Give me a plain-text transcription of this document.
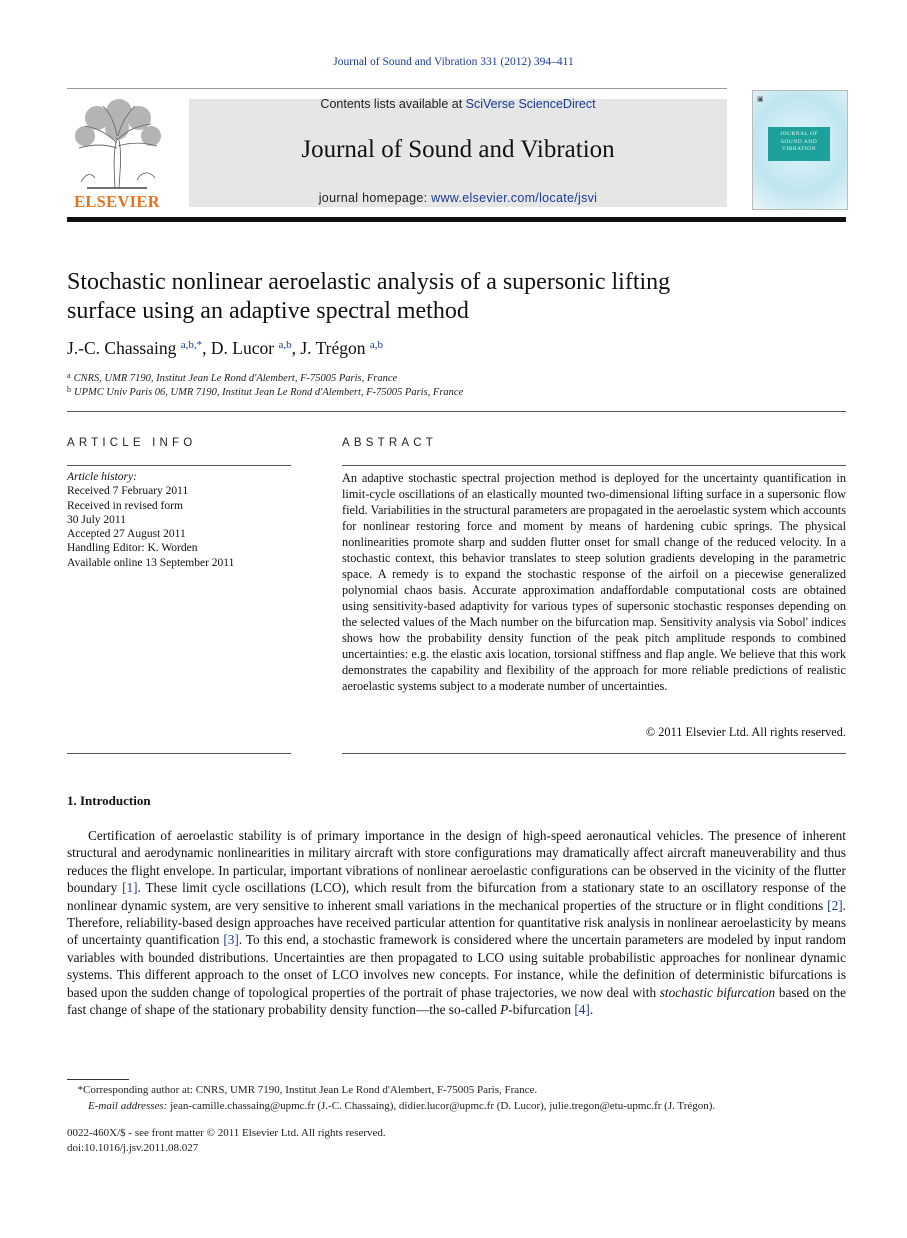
Journal of Sound and Vibration 331 (2012) 394–411
ELSEVIER
Contents lists available at SciVerse ScienceDirect
Journal of Sound and Vibration
journal homepage: www.elsevier.com/locate/jsvi
▣
JOURNAL OF SOUND AND VIBRATION
Stochastic nonlinear aeroelastic analysis of a supersonic lifting
surface using an adaptive spectral method
J.-C. Chassaing $^{a,b,*}$, D. Lucor $^{a,b}$, J. Trégon $^{a,b}$
$^a$ CNRS, UMR 7190, Institut Jean Le Rond d'Alembert, F-75005 Paris, France
$^b$ UPMC Univ Paris 06, UMR 7190, Institut Jean Le Rond d'Alembert, F-75005 Paris, France
ARTICLE INFO
Article history:
Received 7 February 2011
Received in revised form
30 July 2011
Accepted 27 August 2011
Handling Editor: K. Worden
Available online 13 September 2011
ABSTRACT
An adaptive stochastic spectral projection method is deployed for the uncertainty quantification in limit-cycle oscillations of an elastically mounted two-dimensional lifting surface in a supersonic flow field. Variabilities in the structural parameters are propagated in the aeroelastic system which accounts for nonlinear restoring force and moment by means of hardening cubic springs. The physical nonlinearities promote sharp and sudden flutter onset for small change of the reduced velocity. In a stochastic context, this behavior translates to steep solution gradients developing in the parametric space. A remedy is to expand the stochastic response of the airfoil on a piecewise generalized polynomial chaos basis. Accurate approximation andaffordable computational costs are obtained using sensitivity-based adaptivity for various types of supersonic stochastic responses depending on the selected values of the Mach number on the bifurcation map. Sensitivity analysis via Sobol' indices shows how the probability density function of the peak pitch amplitude responds to combined uncertainties: e.g. the elastic axis location, torsional stiffness and flap angle. We believe that this work demonstrates the capability and flexibility of the approach for more reliable predictions of realistic aeroelastic systems subject to a moderate number of uncertainties.
© 2011 Elsevier Ltd. All rights reserved.
1. Introduction
Certification of aeroelastic stability is of primary importance in the design of high-speed aeronautical vehicles. The presence of inherent structural and aerodynamic nonlinearities in military aircraft with store configurations may dramatically affect aircraft maneuverability and thus reduces the flight envelope. In particular, important vibrations of nonlinear aeroelastic configurations can be observed in the vicinity of the flutter boundary [1]. These limit cycle oscillations (LCO), which result from the bifurcation from a stationary state to an oscillatory response of the nonlinear dynamic system, are very sensitive to inherent small variations in the mechanical properties of the structure or in flight conditions [2]. Therefore, reliability-based design approaches have received particular attention for quantitative risk analysis in nonlinear aeroelasticity by means of uncertainty quantification [3]. To this end, a stochastic framework is considered where the uncertain parameters are modeled by input random variables with bounded distributions. Uncertainties are then propagated to LCO using suitable probabilistic approaches for nonlinear dynamic systems. This different approach to the onset of LCO involves new concepts. For instance, while the definition of deterministic bifurcations is based upon the sudden change of topological properties of the portrait of phase trajectories, we now deal with stochastic bifurcation based on the fast change of shape of the stationary probability density function—the so-called P-bifurcation [4].
*Corresponding author at: CNRS, UMR 7190, Institut Jean Le Rond d'Alembert, F-75005 Paris, France.
E-mail addresses: jean-camille.chassaing@upmc.fr (J.-C. Chassaing), didier.lucor@upmc.fr (D. Lucor), julie.tregon@etu-upmc.fr (J. Trégon).
0022-460X/$ - see front matter © 2011 Elsevier Ltd. All rights reserved.
doi:10.1016/j.jsv.2011.08.027
